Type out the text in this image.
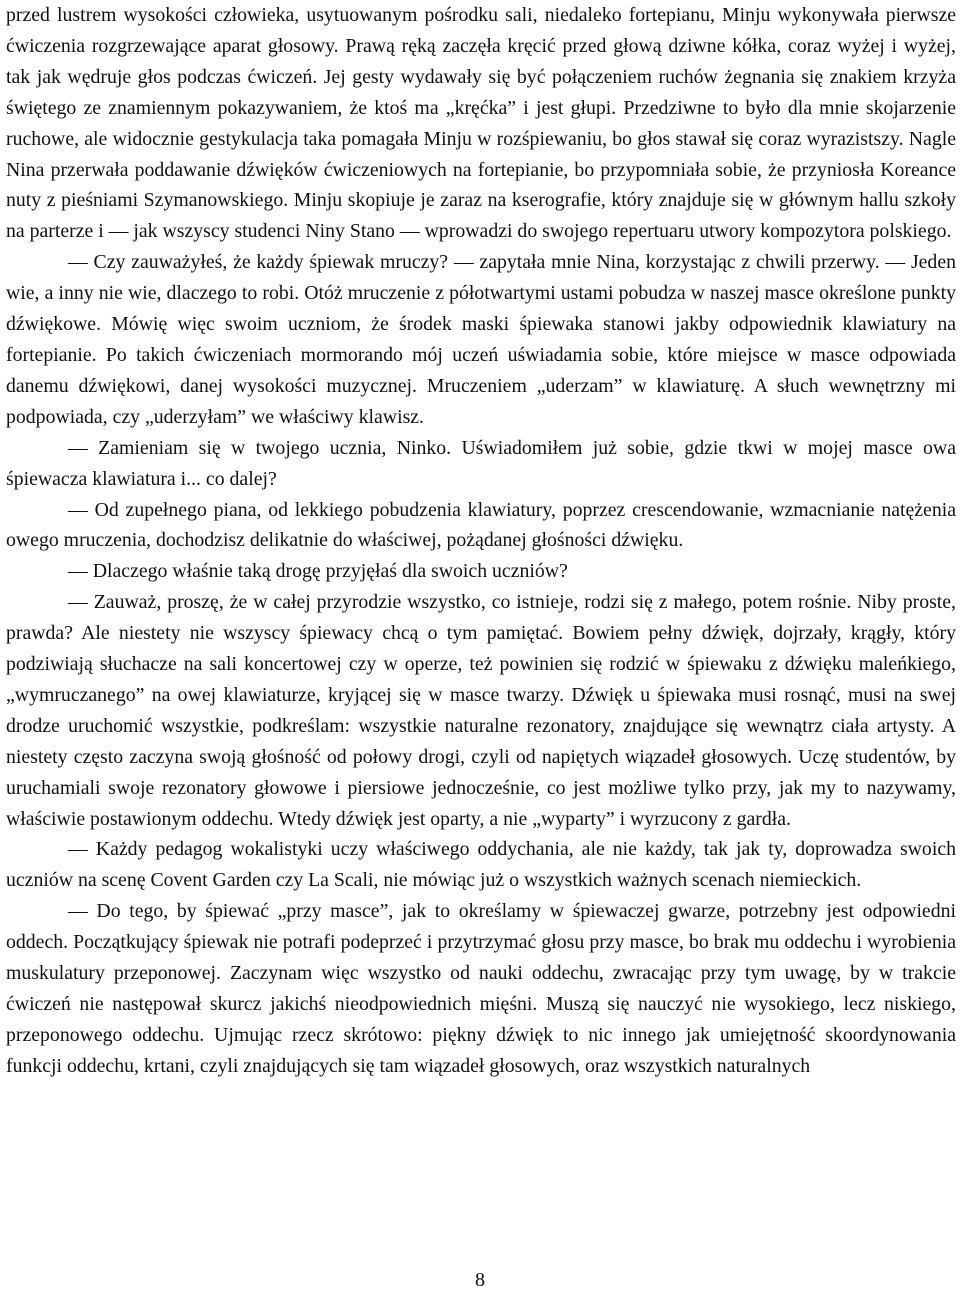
przed lustrem wysokości człowieka, usytuowanym pośrodku sali, niedaleko fortepianu, Minju wykonywała pierwsze ćwiczenia rozgrzewające aparat głosowy. Prawą ręką zaczęła kręcić przed głową dziwne kółka, coraz wyżej i wyżej, tak jak wędruje głos podczas ćwiczeń. Jej gesty wydawały się być połączeniem ruchów żegnania się znakiem krzyża świętego ze znamiennym pokazywaniem, że ktoś ma „kręćka” i jest głupi. Przedziwne to było dla mnie skojarzenie ruchowe, ale widocznie gestykulacja taka pomagała Minju w rozśpiewaniu, bo głos stawał się coraz wyrazistszy. Nagle Nina przerwała poddawanie dźwięków ćwiczeniowych na fortepianie, bo przypomniała sobie, że przyniosła Koreance nuty z pieśniami Szymanowskiego. Minju skopiuje je zaraz na kserografie, który znajduje się w głównym hallu szkoły na parterze i — jak wszyscy studenci Niny Stano — wprowadzi do swojego repertuaru utwory kompozytora polskiego.

— Czy zauważyłeś, że każdy śpiewak mruczy? — zapytała mnie Nina, korzystając z chwili przerwy. — Jeden wie, a inny nie wie, dlaczego to robi. Otóż mruczenie z półotwartymi ustami pobudza w naszej masce określone punkty dźwiękowe. Mówię więc swoim uczniom, że środek maski śpiewaka stanowi jakby odpowiednik klawiatury na fortepianie. Po takich ćwiczeniach mormorando mój uczeń uświadamia sobie, które miejsce w masce odpowiada danemu dźwiękowi, danej wysokości muzycznej. Mruczeniem „uderzam” w klawiaturę. A słuch wewnętrzny mi podpowiada, czy „uderzyłam” we właściwy klawisz.

— Zamieniam się w twojego ucznia, Ninko. Uświadomiłem już sobie, gdzie tkwi w mojej masce owa śpiewacza klawiatura i... co dalej?

— Od zupełnego piana, od lekkiego pobudzenia klawiatury, poprzez crescendowanie, wzmacnianie natężenia owego mruczenia, dochodzisz delikatnie do właściwej, pożądanej głośności dźwięku.

— Dlaczego właśnie taką drogę przyjęłaś dla swoich uczniów?

— Zauważ, proszę, że w całej przyrodzie wszystko, co istnieje, rodzi się z małego, potem rośnie. Niby proste, prawda? Ale niestety nie wszyscy śpiewacy chcą o tym pamiętać. Bowiem pełny dźwięk, dojrzały, krągły, który podziwiają słuchacze na sali koncertowej czy w operze, też powinien się rodzić w śpiewaku z dźwięku maleńkiego, „wymruczanego” na owej klawiaturze, kryjącej się w masce twarzy. Dźwięk u śpiewaka musi rosnąć, musi na swej drodze uruchomić wszystkie, podkreślam: wszystkie naturalne rezonatory, znajdujące się wewnątrz ciała artysty. A niestety często zaczyna swoją głośność od połowy drogi, czyli od napiętych wiązadeł głosowych. Uczę studentów, by uruchamiali swoje rezonatory głowowe i piersiowe jednocześnie, co jest możliwe tylko przy, jak my to nazywamy, właściwie postawionym oddechu. Wtedy dźwięk jest oparty, a nie „wyparty” i wyrzucony z gardła.

— Każdy pedagog wokalistyki uczy właściwego oddychania, ale nie każdy, tak jak ty, doprowadza swoich uczniów na scenę Covent Garden czy La Scali, nie mówiąc już o wszystkich ważnych scenach niemieckich.

— Do tego, by śpiewać „przy masce”, jak to określamy w śpiewaczej gwarze, potrzebny jest odpowiedni oddech. Początkujący śpiewak nie potrafi podeprzeć i przytrzymać głosu przy masce, bo brak mu oddechu i wyrobienia muskulatury przeponowej. Zaczynam więc wszystko od nauki oddechu, zwracając przy tym uwagę, by w trakcie ćwiczeń nie następował skurcz jakichś nieodpowiednich mięśni. Muszą się nauczyć nie wysokiego, lecz niskiego, przeponowego oddechu. Ujmując rzecz skrótowo: piękny dźwięk to nic innego jak umiejętność skoordynowania funkcji oddechu, krtani, czyli znajdujących się tam wiązadeł głosowych, oraz wszystkich naturalnych

8
